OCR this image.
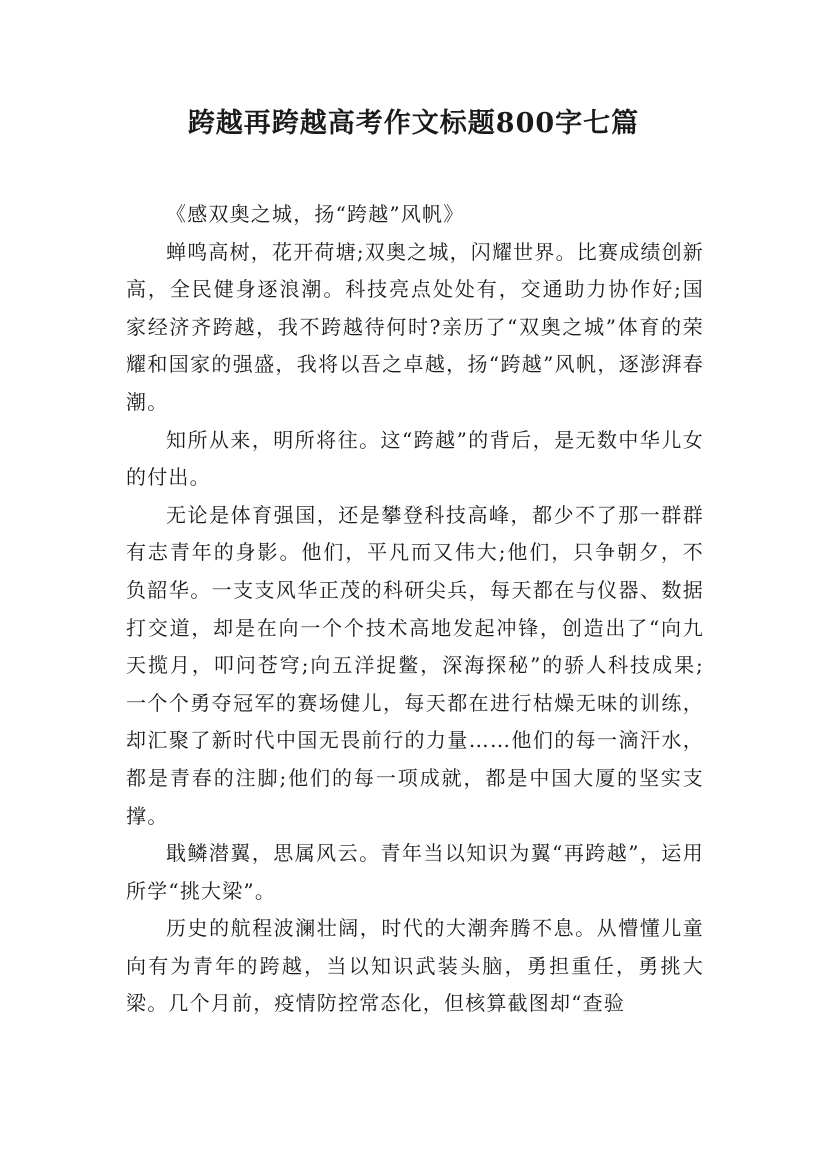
跨越再跨越高考作文标题800字七篇

《感双奥之城，扬“跨越”风帆》

蝉鸣高树，花开荷塘;双奥之城，闪耀世界。比赛成绩创新高，全民健身逐浪潮。科技亮点处处有，交通助力协作好;国家经济齐跨越，我不跨越待何时?亲历了“双奥之城”体育的荣耀和国家的强盛，我将以吾之卓越，扬“跨越”风帆，逐澎湃春潮。

知所从来，明所将往。这“跨越”的背后，是无数中华儿女的付出。

无论是体育强国，还是攀登科技高峰，都少不了那一群群有志青年的身影。他们，平凡而又伟大;他们，只争朝夕，不负韶华。一支支风华正茂的科研尖兵，每天都在与仪器、数据打交道，却是在向一个个技术高地发起冲锋，创造出了“向九天揽月，叩问苍穹;向五洋捉鳖，深海探秘”的骄人科技成果;一个个勇夺冠军的赛场健儿，每天都在进行枯燥无味的训练，却汇聚了新时代中国无畏前行的力量……他们的每一滴汗水，都是青春的注脚;他们的每一项成就，都是中国大厦的坚实支撑。

戢鳞潜翼，思属风云。青年当以知识为翼“再跨越”，运用所学“挑大梁”。

历史的航程波澜壮阔，时代的大潮奔腾不息。从懵懂儿童向有为青年的跨越，当以知识武装头脑，勇担重任，勇挑大梁。几个月前，疫情防控常态化，但核算截图却“查验
